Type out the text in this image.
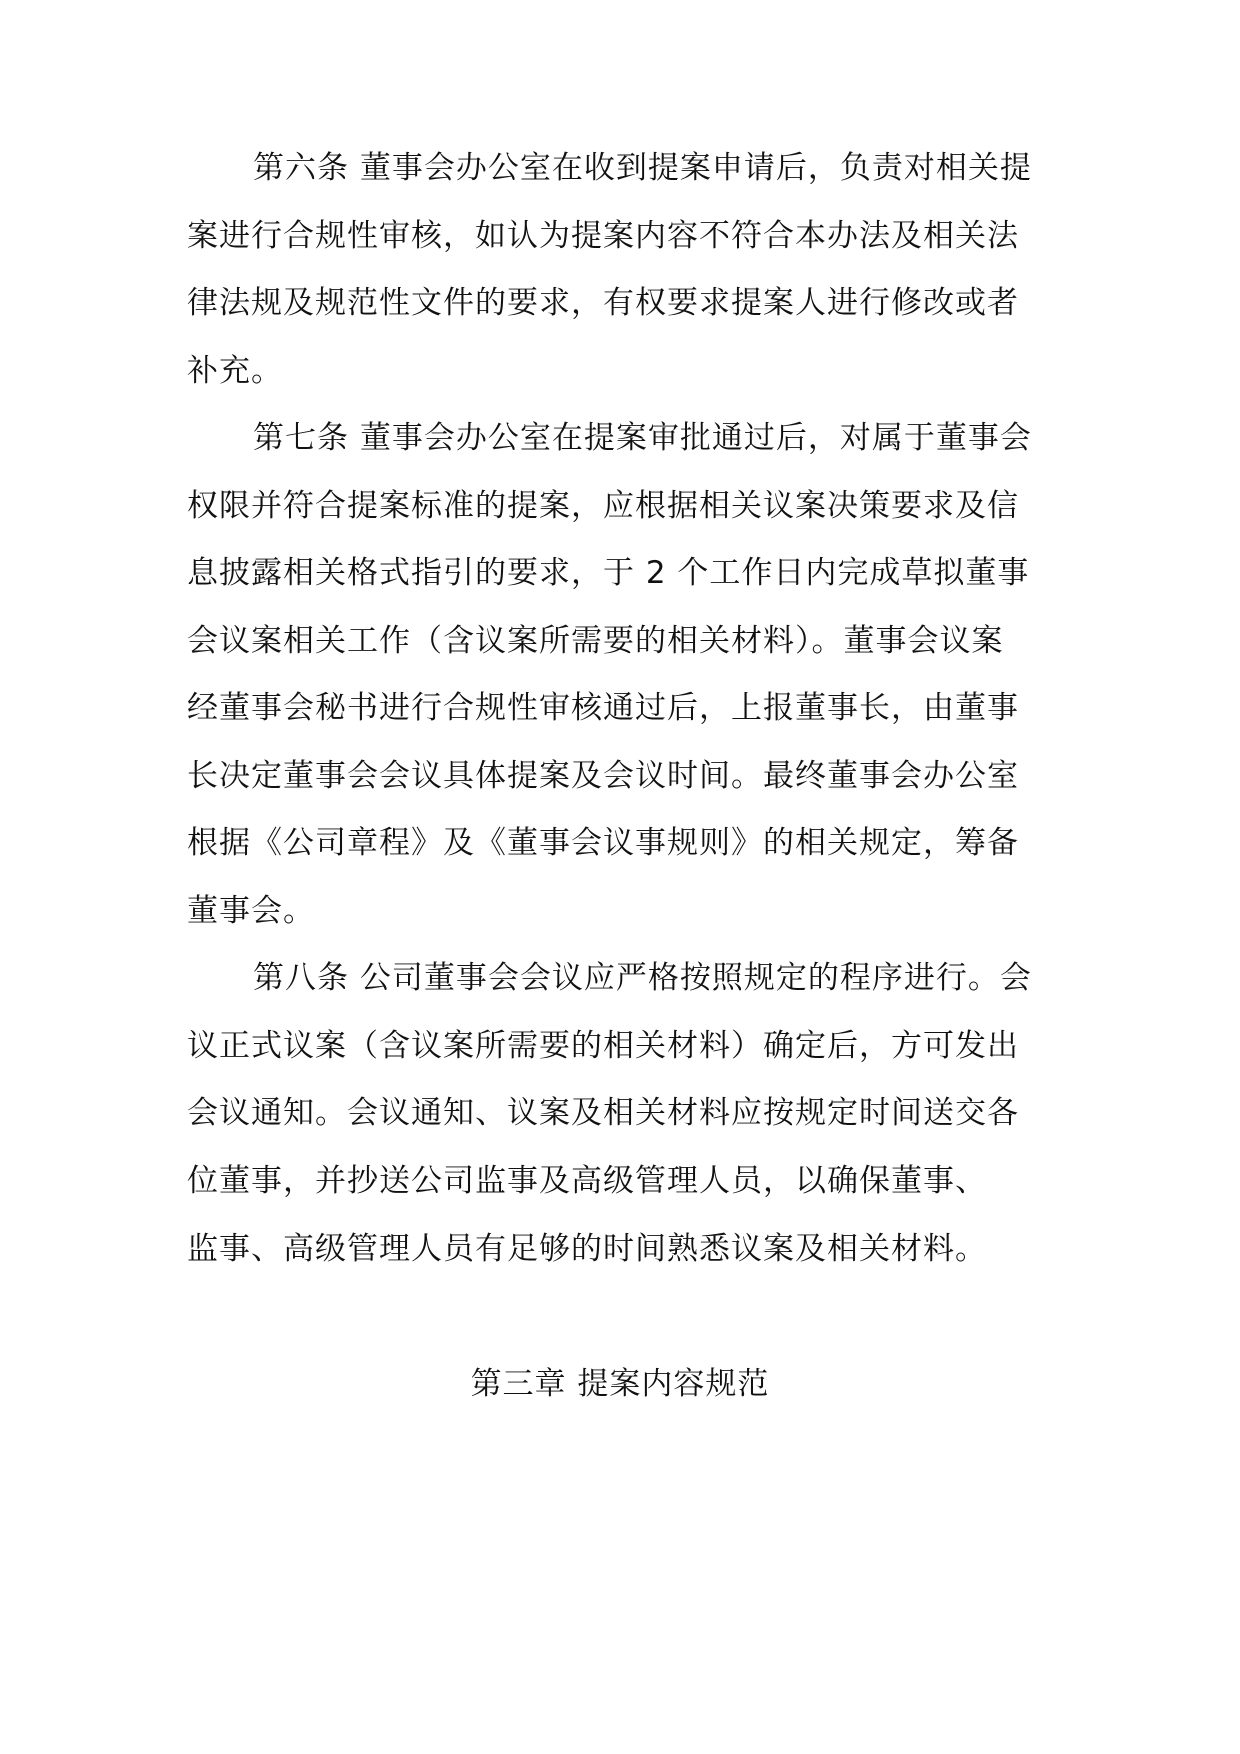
第六条 董事会办公室在收到提案申请后，负责对相关提
案进行合规性审核，如认为提案内容不符合本办法及相关法
律法规及规范性文件的要求，有权要求提案人进行修改或者
补充。
第七条 董事会办公室在提案审批通过后，对属于董事会
权限并符合提案标准的提案，应根据相关议案决策要求及信
息披露相关格式指引的要求，于 2 个工作日内完成草拟董事
会议案相关工作（含议案所需要的相关材料）。董事会议案
经董事会秘书进行合规性审核通过后，上报董事长，由董事
长决定董事会会议具体提案及会议时间。最终董事会办公室
根据《公司章程》及《董事会议事规则》的相关规定，筹备
董事会。
第八条 公司董事会会议应严格按照规定的程序进行。会
议正式议案（含议案所需要的相关材料）确定后，方可发出
会议通知。会议通知、议案及相关材料应按规定时间送交各
位董事，并抄送公司监事及高级管理人员，以确保董事、
监事、高级管理人员有足够的时间熟悉议案及相关材料。
第三章 提案内容规范
